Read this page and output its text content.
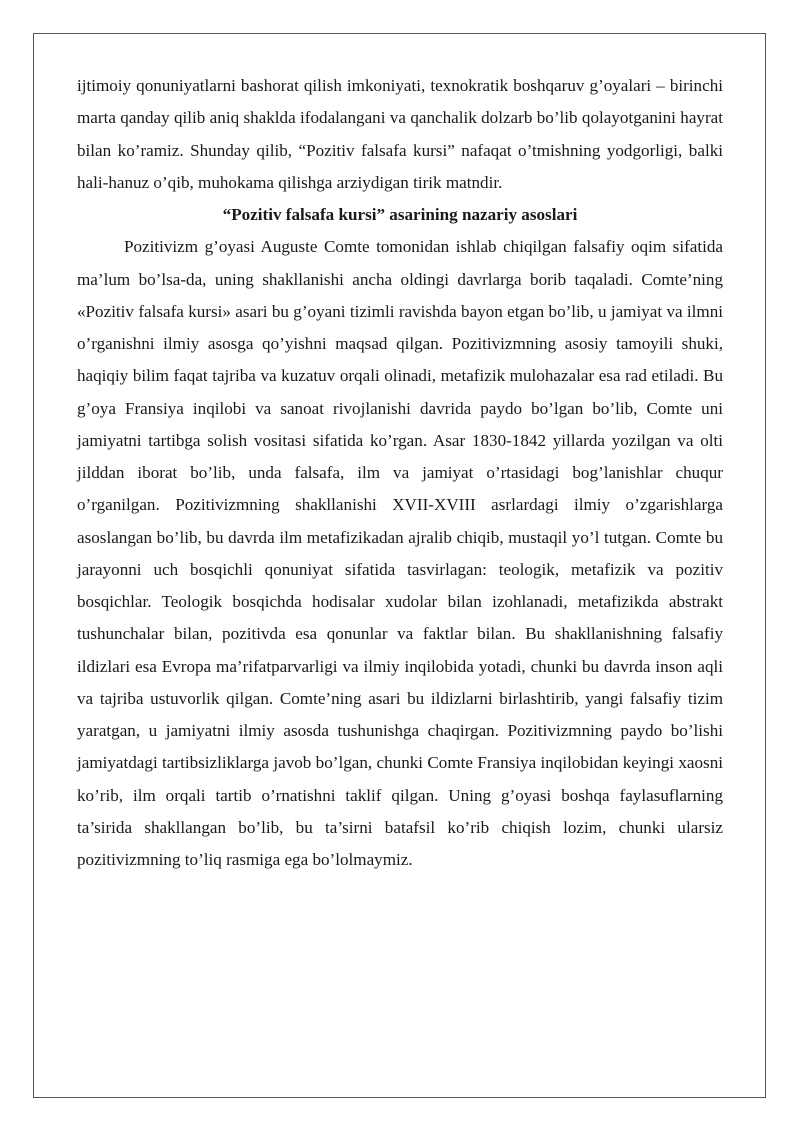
ijtimoiy qonuniyatlarni bashorat qilish imkoniyati, texnokratik boshqaruv g’oyalari – birinchi marta qanday qilib aniq shaklda ifodalangani va qanchalik dolzarb bo’lib qolayotganini hayrat bilan ko’ramiz. Shunday qilib, “Pozitiv falsafa kursi” nafaqat o’tmishning yodgorligi, balki hali-hanuz o’qib, muhokama qilishga arziydigan tirik matndir.

“Pozitiv falsafa kursi” asarining nazariy asoslari

Pozitivizm g’oyasi Auguste Comte tomonidan ishlab chiqilgan falsafiy oqim sifatida ma’lum bo’lsa-da, uning shakllanishi ancha oldingi davrlarga borib taqaladi. Comte’ning «Pozitiv falsafa kursi» asari bu g’oyani tizimli ravishda bayon etgan bo’lib, u jamiyat va ilmni o’rganishni ilmiy asosga qo’yishni maqsad qilgan. Pozitivizmning asosiy tamoyili shuki, haqiqiy bilim faqat tajriba va kuzatuv orqali olinadi, metafizik mulohazalar esa rad etiladi. Bu g’oya Fransiya inqilobi va sanoat rivojlanishi davrida paydo bo’lgan bo’lib, Comte uni jamiyatni tartibga solish vositasi sifatida ko’rgan. Asar 1830-1842 yillarda yozilgan va olti jilddan iborat bo’lib, unda falsafa, ilm va jamiyat o’rtasidagi bog’lanishlar chuqur o’rganilgan. Pozitivizmning shakllanishi XVII-XVIII asrlardagi ilmiy o’zgarishlarga asoslangan bo’lib, bu davrda ilm metafizikadan ajralib chiqib, mustaqil yo’l tutgan. Comte bu jarayonni uch bosqichli qonuniyat sifatida tasvirlagan: teologik, metafizik va pozitiv bosqichlar. Teologik bosqichda hodisalar xudolar bilan izohlanadi, metafizikda abstrakt tushunchalar bilan, pozitivda esa qonunlar va faktlar bilan. Bu shakllanishning falsafiy ildizlari esa Evropa ma’rifatparvarligi va ilmiy inqilobida yotadi, chunki bu davrda inson aqli va tajriba ustuvorlik qilgan. Comte’ning asari bu ildizlarni birlashtirib, yangi falsafiy tizim yaratgan, u jamiyatni ilmiy asosda tushunishga chaqirgan. Pozitivizmning paydo bo’lishi jamiyatdagi tartibsizliklarga javob bo’lgan, chunki Comte Fransiya inqilobidan keyingi xaosni ko’rib, ilm orqali tartib o’rnatishni taklif qilgan. Uning g’oyasi boshqa faylasuflarning ta’sirida shakllangan bo’lib, bu ta’sirni batafsil ko’rib chiqish lozim, chunki ularsiz pozitivizmning to’liq rasmiga ega bo’lolmaymiz.
